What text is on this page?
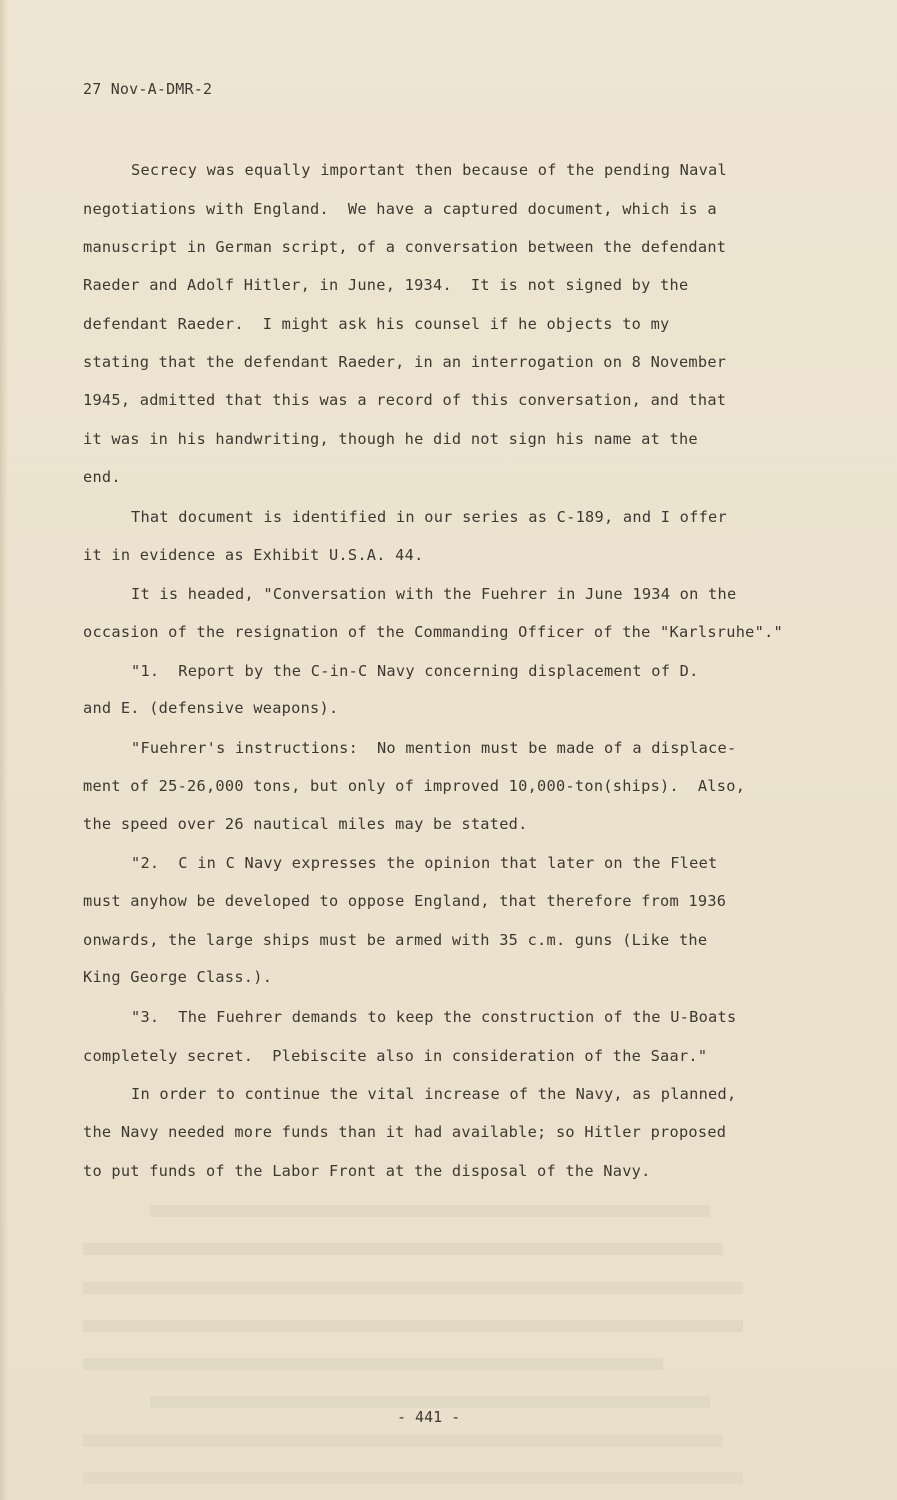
27 Nov-A-DMR-2
Secrecy was equally important then because of the pending Naval
negotiations with England.  We have a captured document, which is a
manuscript in German script, of a conversation between the defendant
Raeder and Adolf Hitler, in June, 1934.  It is not signed by the
defendant Raeder.  I might ask his counsel if he objects to my
stating that the defendant Raeder, in an interrogation on 8 November
1945, admitted that this was a record of this conversation, and that
it was in his handwriting, though he did not sign his name at the
end.
That document is identified in our series as C-189, and I offer
it in evidence as Exhibit U.S.A. 44.
It is headed, "Conversation with the Fuehrer in June 1934 on the
occasion of the resignation of the Commanding Officer of the "Karlsruhe"."
"1.  Report by the C-in-C Navy concerning displacement of D.
and E. (defensive weapons).
"Fuehrer's instructions:  No mention must be made of a displace-
ment of 25-26,000 tons, but only of improved 10,000-ton(ships).  Also,
the speed over 26 nautical miles may be stated.
"2.  C in C Navy expresses the opinion that later on the Fleet
must anyhow be developed to oppose England, that therefore from 1936
onwards, the large ships must be armed with 35 c.m. guns (Like the
King George Class.).
"3.  The Fuehrer demands to keep the construction of the U-Boats
completely secret.  Plebiscite also in consideration of the Saar."
In order to continue the vital increase of the Navy, as planned,
the Navy needed more funds than it had available; so Hitler proposed
to put funds of the Labor Front at the disposal of the Navy.
- 441 -
